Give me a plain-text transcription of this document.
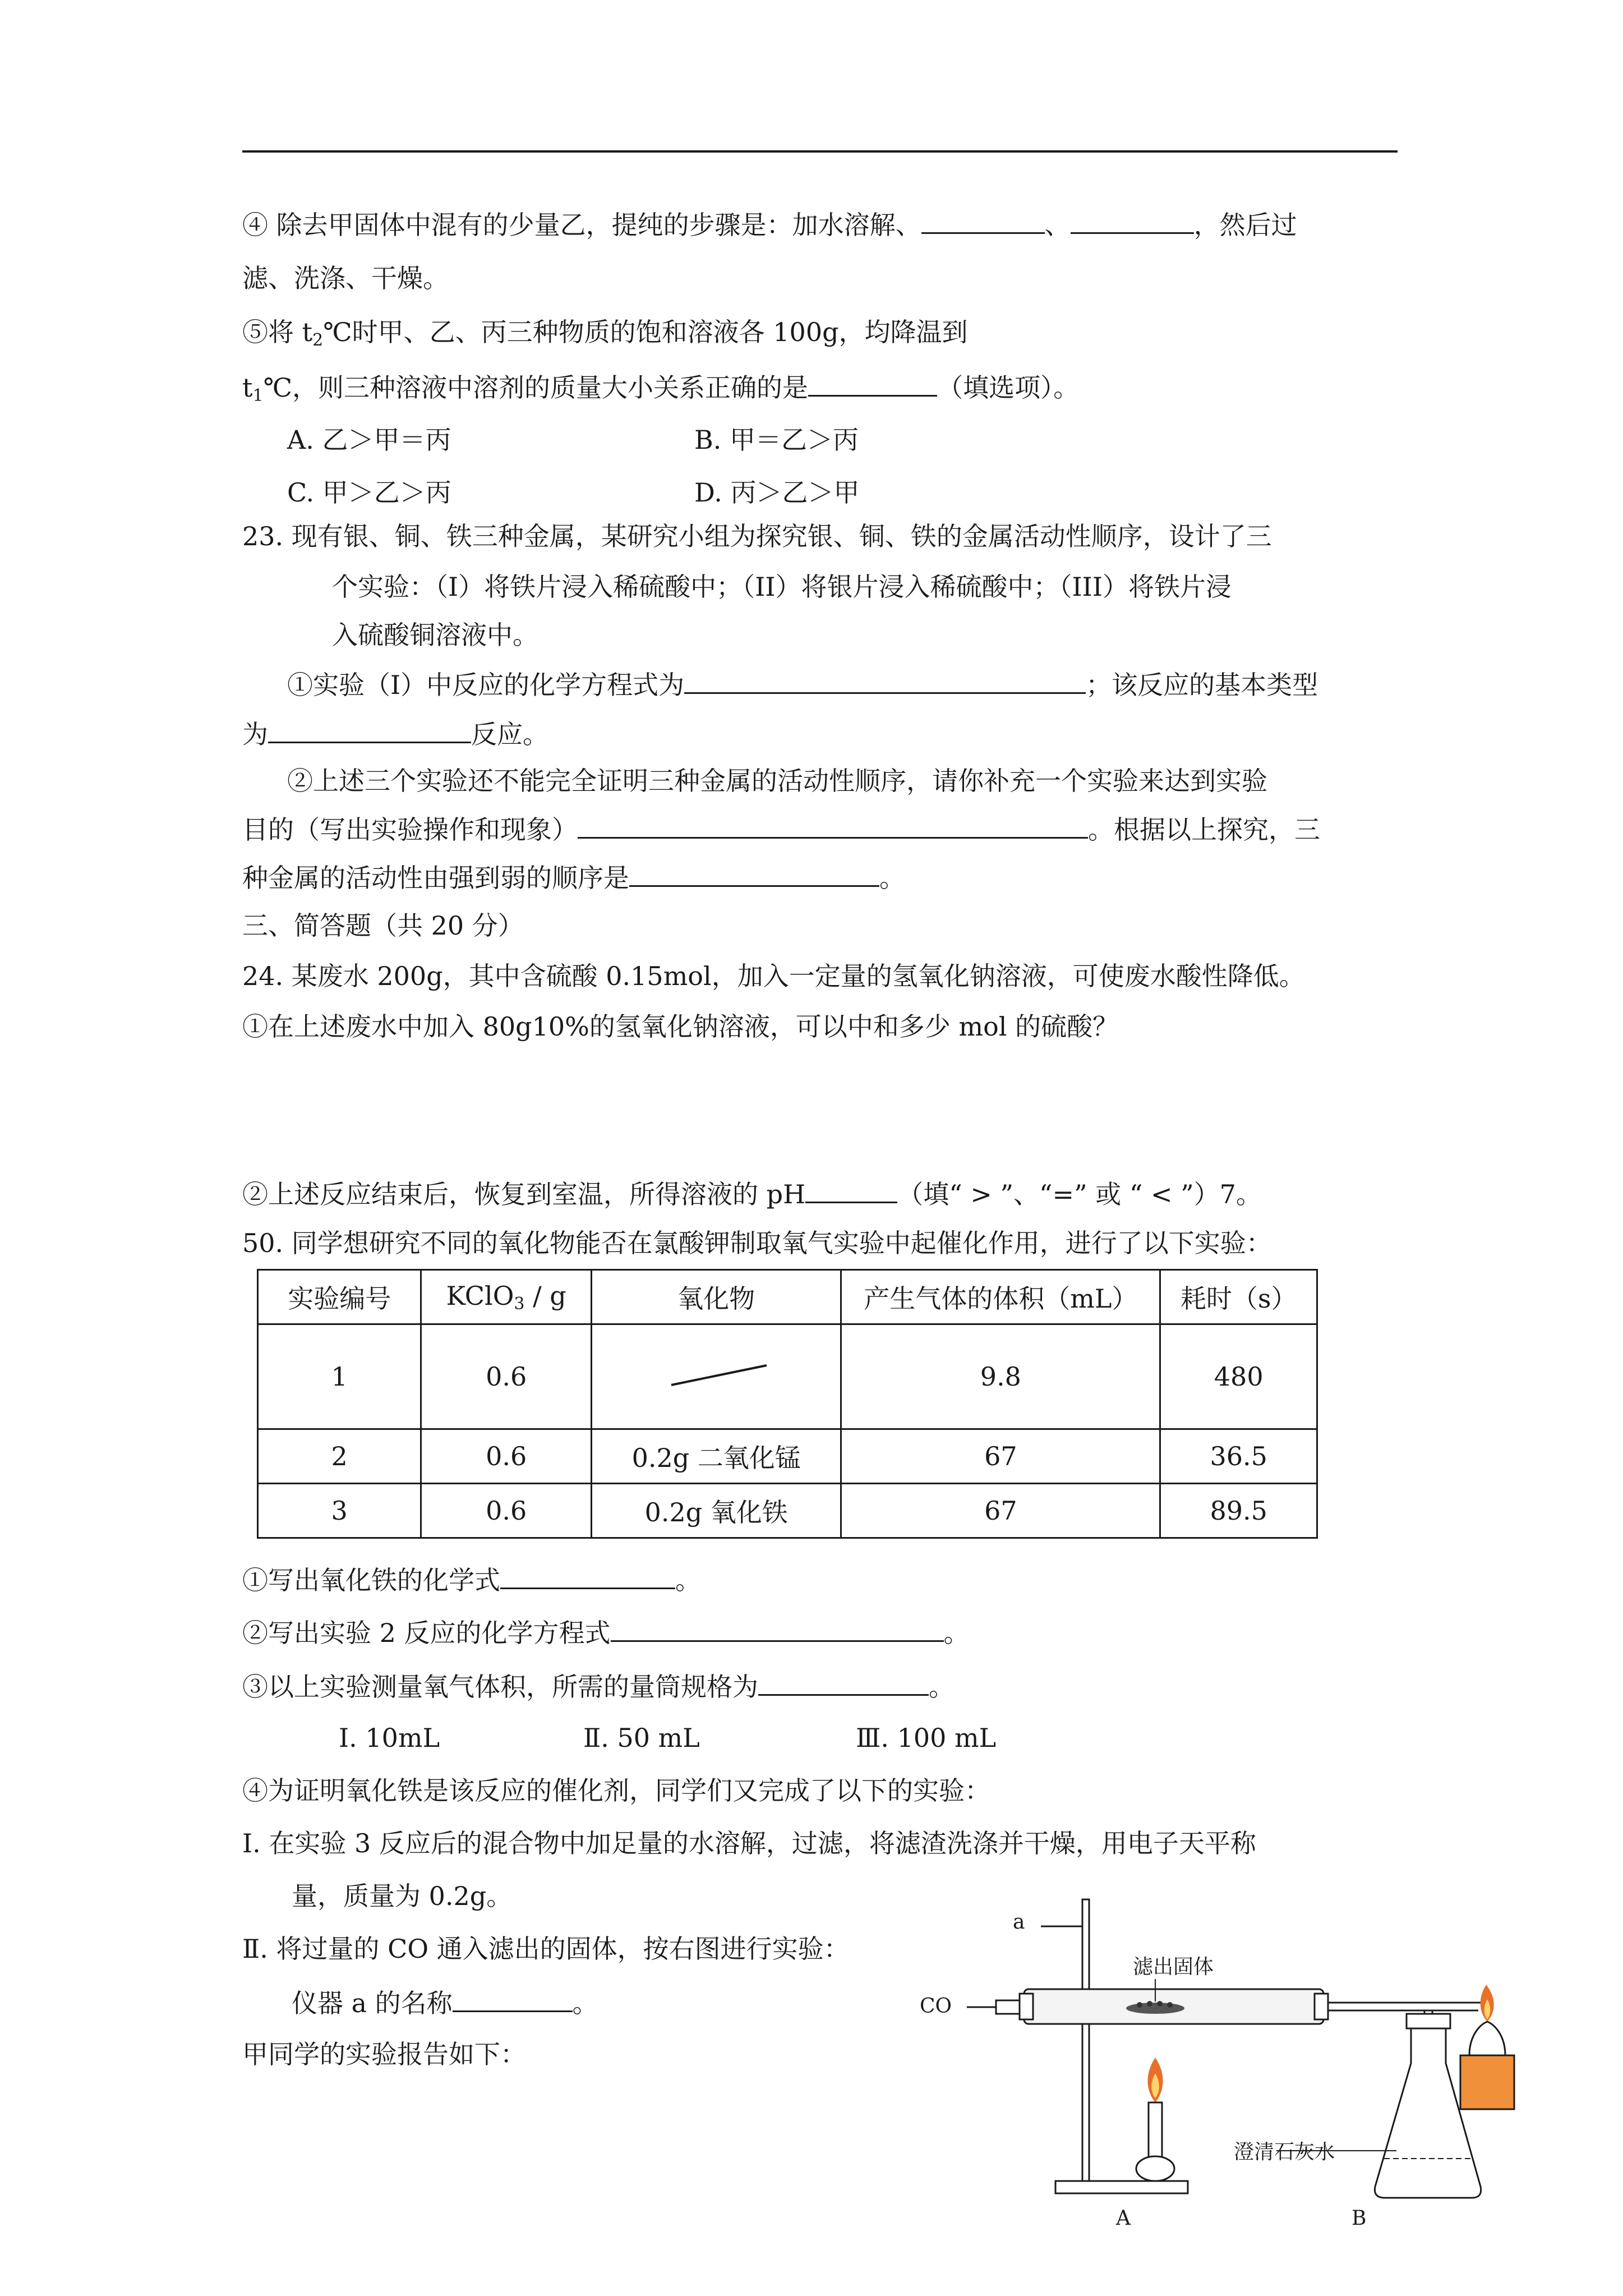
④ 除去甲固体中混有的少量乙，提纯的步骤是：加水溶解、	、	，然后过
滤、洗涤、干燥。
⑤将 $t_2℃$时甲、乙、丙三种物质的饱和溶液各 100g，均降温到
$t_1℃$，则三种溶液中溶剂的质量大小关系正确的是	（填选项）。
A. 乙＞甲＝丙	B. 甲＝乙＞丙
C. 甲＞乙＞丙	D. 丙＞乙＞甲
23. 现有银、铜、铁三种金属，某研究小组为探究银、铜、铁的金属活动性顺序，设计了三
个实验：（I）将铁片浸入稀硫酸中；（II）将银片浸入稀硫酸中；（III）将铁片浸
入硫酸铜溶液中。
①实验（I）中反应的化学方程式为	；该反应的基本类型
为	反应。
②上述三个实验还不能完全证明三种金属的活动性顺序，请你补充一个实验来达到实验
目的（写出实验操作和现象）	。根据以上探究，三
种金属的活动性由强到弱的顺序是	。
三、简答题（共 20 分）
24. 某废水 200g，其中含硫酸 0.15mol，加入一定量的氢氧化钠溶液，可使废水酸性降低。
①在上述废水中加入 80g10%的氢氧化钠溶液，可以中和多少 mol 的硫酸？
②上述反应结束后，恢复到室温，所得溶液的 pH	（填“ > ”、“=” 或 “ < ”）7。
50. 同学想研究不同的氧化物能否在氯酸钾制取氧气实验中起催化作用，进行了以下实验：
实验编号	KClO$_3$ / g	氧化物	产生气体的体积（mL）	耗时（s）
1	0.6		9.8	480
2	0.6	0.2g 二氧化锰	67	36.5
3	0.6	0.2g 氧化铁	67	89.5
①写出氧化铁的化学式	。
②写出实验 2 反应的化学方程式	。
③以上实验测量氧气体积，所需的量筒规格为	。
Ⅰ. 10mL	Ⅱ. 50 mL	Ⅲ. 100 mL
④为证明氧化铁是该反应的催化剂，同学们又完成了以下的实验：
Ⅰ. 在实验 3 反应后的混合物中加足量的水溶解，过滤，将滤渣洗涤并干燥，用电子天平称
量，质量为 0.2g。
Ⅱ. 将过量的 CO 通入滤出的固体，按右图进行实验：
仪器 a 的名称	。
甲同学的实验报告如下：
a
滤出固体
CO
澄清石灰水
A	B
